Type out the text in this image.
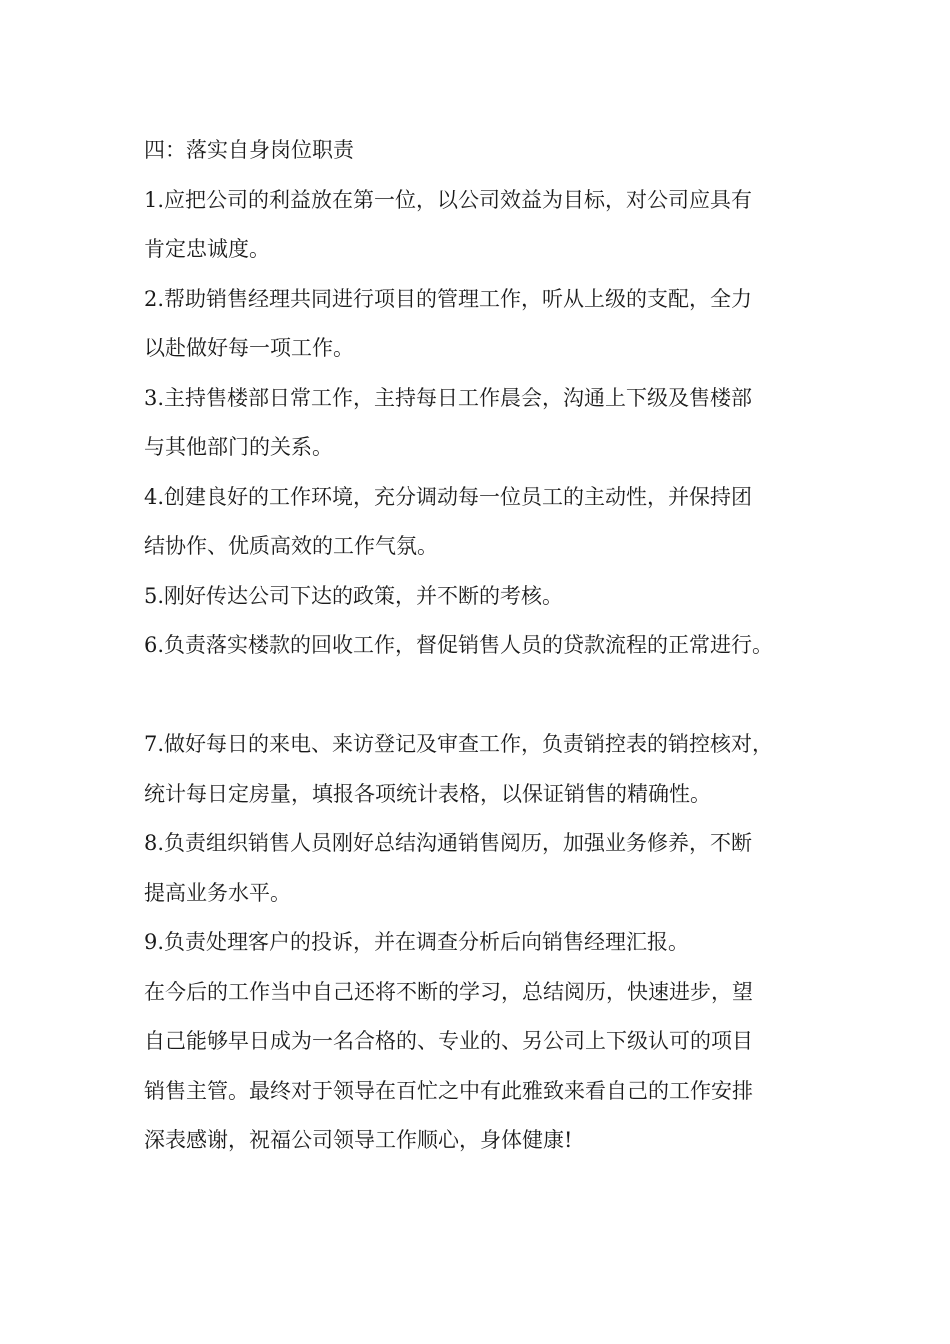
四：落实自身岗位职责
1.应把公司的利益放在第一位，以公司效益为目标，对公司应具有
肯定忠诚度。
2.帮助销售经理共同进行项目的管理工作，听从上级的支配，全力
以赴做好每一项工作。
3.主持售楼部日常工作，主持每日工作晨会，沟通上下级及售楼部
与其他部门的关系。
4.创建良好的工作环境，充分调动每一位员工的主动性，并保持团
结协作、优质高效的工作气氛。
5.刚好传达公司下达的政策，并不断的考核。
6.负责落实楼款的回收工作，督促销售人员的贷款流程的正常进行。
7.做好每日的来电、来访登记及审查工作，负责销控表的销控核对，
统计每日定房量，填报各项统计表格，以保证销售的精确性。
8.负责组织销售人员刚好总结沟通销售阅历，加强业务修养，不断
提高业务水平。
9.负责处理客户的投诉，并在调查分析后向销售经理汇报。
在今后的工作当中自己还将不断的学习，总结阅历，快速进步，望
自己能够早日成为一名合格的、专业的、另公司上下级认可的项目
销售主管。最终对于领导在百忙之中有此雅致来看自己的工作安排
深表感谢，祝福公司领导工作顺心，身体健康!
